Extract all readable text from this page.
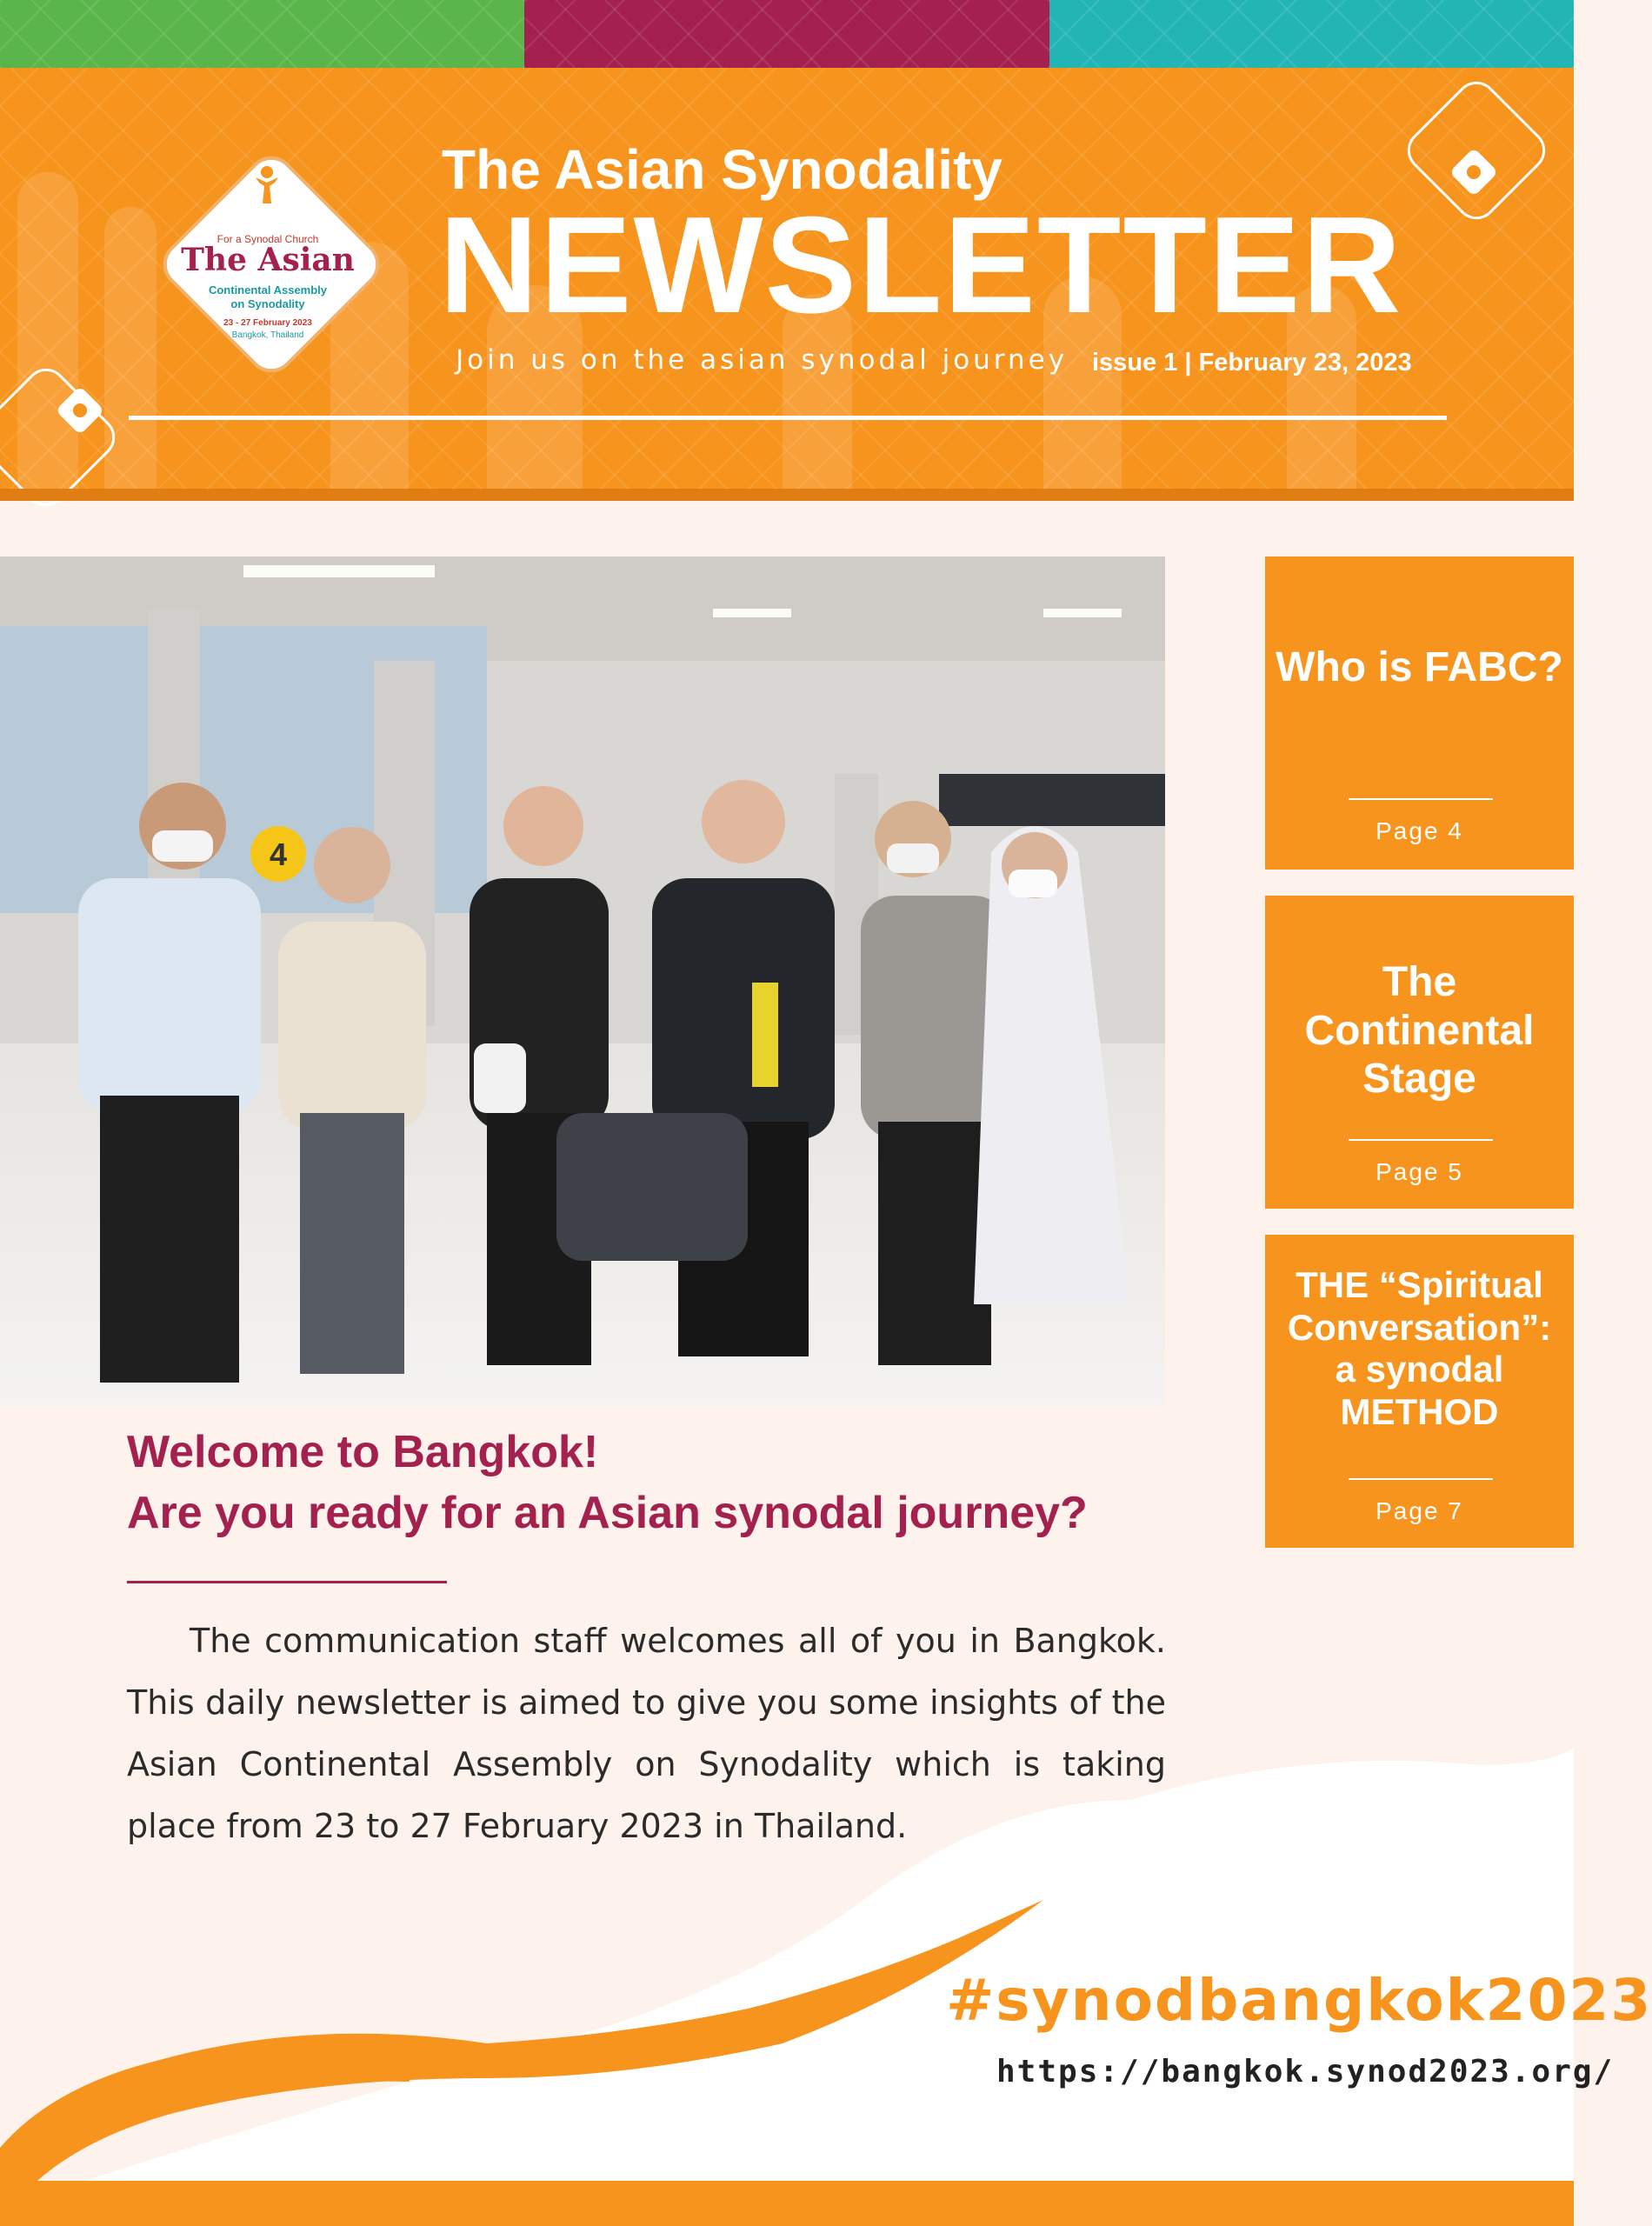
For a Synodal Church
The Asian
Continental Assembly
on Synodality
23 - 27 February 2023
Bangkok, Thailand
The Asian Synodality
NEWSLETTER
Join us on the asian synodal journey issue 1 | February 23, 2023
4
Who is FABC?
Page 4
The Continental Stage
Page 5
THE “Spiritual Conversation”: a synodal METHOD
Page 7
Welcome to Bangkok!
Are you ready for an Asian synodal journey?
The communication staff welcomes all of you in Bangkok. This daily newsletter is aimed to give you some insights of the Asian Continental Assembly on Synodality which is taking place from 23 to 27 February 2023 in Thailand.
#synodbangkok2023
https://bangkok.synod2023.org/
